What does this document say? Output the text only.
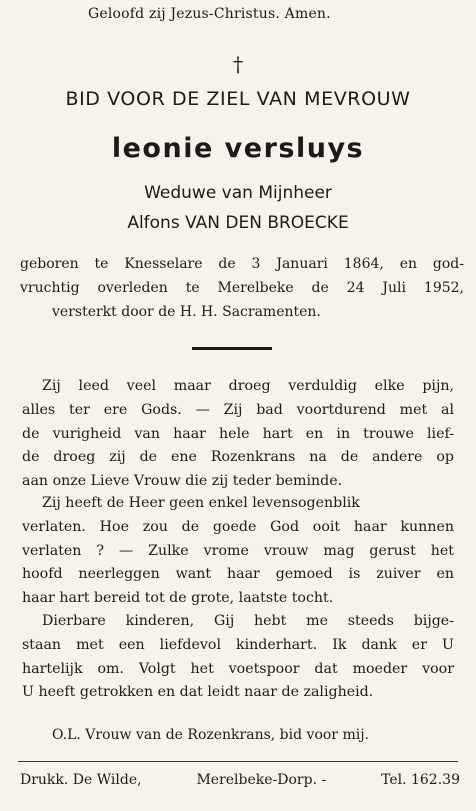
Geloofd zij Jezus-Christus. Amen.
†
BID VOOR DE ZIEL VAN MEVROUW
leonie versluys
Weduwe van Mijnheer
Alfons VAN DEN BROECKE
geboren te Knesselare de 3 Januari 1864, en god-
vruchtig overleden te Merelbeke de 24 Juli 1952,
versterkt door de H. H. Sacramenten.
Zij leed veel maar droeg verduldig elke pijn,
alles ter ere Gods. — Zij bad voortdurend met al
de vurigheid van haar hele hart en in trouwe lief-
de droeg zij de ene Rozenkrans na de andere op
aan onze Lieve Vrouw die zij teder beminde.
Zij heeft de Heer geen enkel levensogenblik
verlaten. Hoe zou de goede God ooit haar kunnen
verlaten ? — Zulke vrome vrouw mag gerust het
hoofd neerleggen want haar gemoed is zuiver en
haar hart bereid tot de grote, laatste tocht.
Dierbare kinderen, Gij hebt me steeds bijge-
staan met een liefdevol kinderhart. Ik dank er U
hartelijk om. Volgt het voetspoor dat moeder voor
U heeft getrokken en dat leidt naar de zaligheid.
O.L. Vrouw van de Rozenkrans, bid voor mij.
Drukk. De Wilde,	Merelbeke-Dorp. -	Tel. 162.39
